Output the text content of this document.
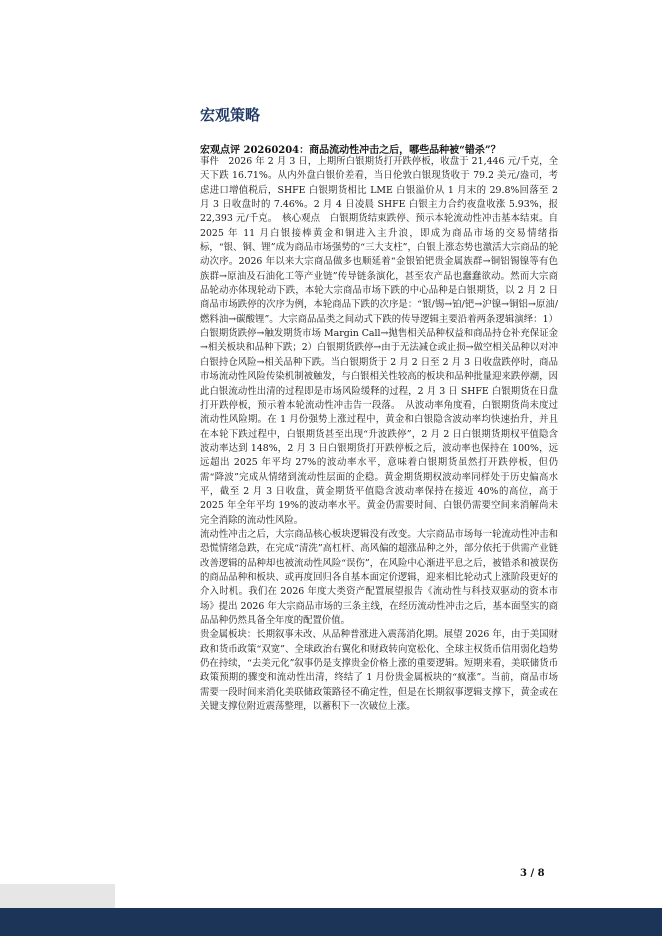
宏观策略
宏观点评 20260204：商品流动性冲击之后，哪些品种被“错杀”？

事件　2026 年 2 月 3 日，上期所白银期货打开跌停板，收盘于 21,446 元/千克，全天下跌 16.71%。从内外盘白银价差看，当日伦敦白银现货收于 79.2 美元/盎司，考虑进口增值税后，SHFE 白银期货相比 LME 白银溢价从 1 月末的 29.8%回落至 2 月 3 日收盘时的 7.46%。2 月 4 日凌晨 SHFE 白银主力合约夜盘收涨 5.93%，报 22,393 元/千克。　核心观点　白银期货结束跌停、预示本轮流动性冲击基本结束。自 2025 年 11 月白银接棒黄金和铜进入主升浪，即成为商品市场的交易情绪指标，“银、铜、锂”成为商品市场强势的“三大支柱”，白银上涨态势也激活大宗商品的轮动次序。2026 年以来大宗商品做多也顺延着“金银铂钯贵金属族群→铜铝锡镍等有色族群→原油及石油化工等产业链”传导链条演化，甚至农产品也蠢蠢欲动。然而大宗商品轮动亦体现轮动下跌，本轮大宗商品市场下跌的中心品种是白银期货，以 2 月 2 日商品市场跌停的次序为例，本轮商品下跌的次序是：“银/锡→铂/钯→沪镍→铜铝→原油/燃料油→碳酸锂”。大宗商品品类之间动式下跌的传导逻辑主要沿着两条逻辑演绎：1）白银期货跌停→触发期货市场 Margin Call→抛售相关品种权益和商品持仓补充保证金→相关板块和品种下跌；2）白银期货跌停→由于无法减仓或止损→做空相关品种以对冲白银持仓风险→相关品种下跌。当白银期货于 2 月 2 日至 2 月 3 日收盘跌停时，商品市场流动性风险传染机制被触发，与白银相关性较高的板块和品种批量迎来跌停潮，因此白银流动性出清的过程即是市场风险缓释的过程，2 月 3 日 SHFE 白银期货在日盘打开跌停板，预示着本轮流动性冲击告一段落。　从波动率角度看，白银期货尚未度过流动性风险期。在 1 月份强势上涨过程中，黄金和白银隐含波动率均快速抬升，并且在本轮下跌过程中，白银期货甚至出现“升波跌停”，2 月 2 日白银期货期权平值隐含波动率达到 148%，2 月 3 日白银期货打开跌停板之后，波动率也保持在 100%，远远超出 2025 年平均 27%的波动率水平，意味着白银期货虽然打开跌停板，但仍需“降波”完成从情绪到流动性层面的企稳。黄金期货期权波动率同样处于历史偏高水平，截至 2 月 3 日收盘，黄金期货平值隐含波动率保持在接近 40%的高位，高于 2025 年全年平均 19%的波动率水平。黄金仍需要时间、白银仍需要空间来消解尚未完全消除的流动性风险。

流动性冲击之后，大宗商品核心板块逻辑没有改变。大宗商品市场每一轮流动性冲击和恐慌情绪急跌，在完成“清洗”高杠杆、高风偏的超涨品种之外，部分依托于供需产业链改善逻辑的品种却也被流动性风险“误伤”，在风险中心渐进平息之后，被错杀和被误伤的商品品种和板块、或再度回归各自基本面定价逻辑，迎来相比轮动式上涨阶段更好的介入时机。我们在 2026 年度大类资产配置展望报告《流动性与科技双驱动的资本市场》提出 2026 年大宗商品市场的三条主线，在经历流动性冲击之后，基本面坚实的商品品种仍然具备全年度的配置价值。

贵金属板块：长期叙事未改、从品种普涨进入震荡消化期。展望 2026 年，由于美国财政和货币政策“双宽”、全球政治右翼化和财政转向宽松化、全球主权货币信用弱化趋势仍在持续，“去美元化”叙事仍是支撑贵金价格上涨的重要逻辑。短期来看，美联储货币政策预期的骤变和流动性出清，终结了 1 月份贵金属板块的“疯涨”。当前，商品市场需要一段时间来消化美联储政策路径不确定性，但是在长期叙事逻辑支撑下，黄金或在关键支撑位附近震荡整理，以蓄积下一次破位上涨。

3 / 8
